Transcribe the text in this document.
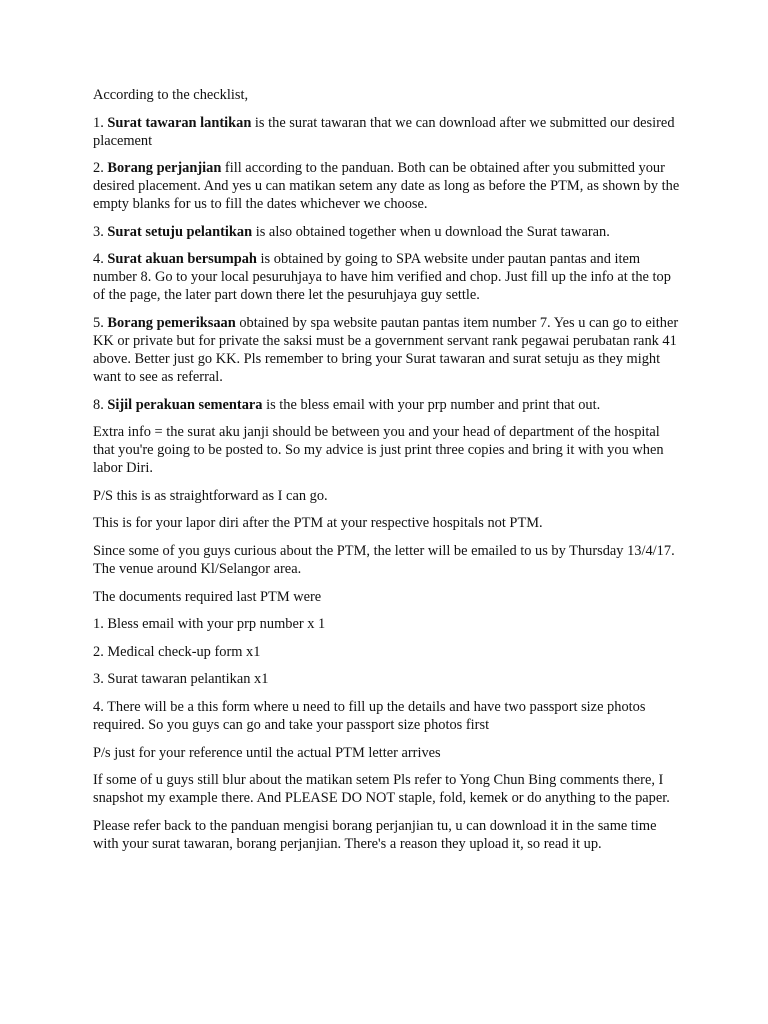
According to the checklist,

1. Surat tawaran lantikan is the surat tawaran that we can download after we submitted our desired placement

2. Borang perjanjian fill according to the panduan. Both can be obtained after you submitted your desired placement. And yes u can matikan setem any date as long as before the PTM, as shown by the empty blanks for us to fill the dates whichever we choose.

3. Surat setuju pelantikan is also obtained together when u download the Surat tawaran.

4. Surat akuan bersumpah is obtained by going to SPA website under pautan pantas and item number 8. Go to your local pesuruhjaya to have him verified and chop. Just fill up the info at the top of the page, the later part down there let the pesuruhjaya guy settle.

5. Borang pemeriksaan obtained by spa website pautan pantas item number 7. Yes u can go to either KK or private but for private the saksi must be a government servant rank pegawai perubatan rank 41 above. Better just go KK. Pls remember to bring your Surat tawaran and surat setuju as they might want to see as referral.

8. Sijil perakuan sementara is the bless email with your prp number and print that out.

Extra info = the surat aku janji should be between you and your head of department of the hospital that you're going to be posted to. So my advice is just print three copies and bring it with you when labor Diri.

P/S this is as straightforward as I can go.

This is for your lapor diri after the PTM at your respective hospitals not PTM.

Since some of you guys curious about the PTM, the letter will be emailed to us by Thursday 13/4/17. The venue around Kl/Selangor area.

The documents required last PTM were

1. Bless email with your prp number x 1

2. Medical check-up form x1

3. Surat tawaran pelantikan x1

4. There will be a this form where u need to fill up the details and have two passport size photos required. So you guys can go and take your passport size photos first

P/s just for your reference until the actual PTM letter arrives

If some of u guys still blur about the matikan setem Pls refer to Yong Chun Bing comments there, I snapshot my example there. And PLEASE DO NOT staple, fold, kemek or do anything to the paper.

Please refer back to the panduan mengisi borang perjanjian tu, u can download it in the same time with your surat tawaran, borang perjanjian. There's a reason they upload it, so read it up.
